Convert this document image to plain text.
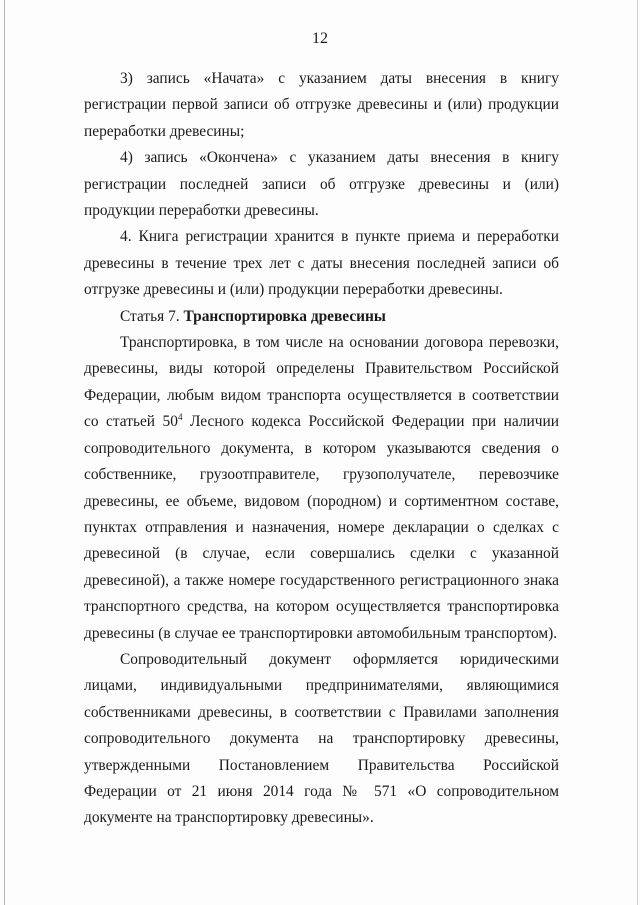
12

3) запись «Начата» с указанием даты внесения в книгу регистрации первой записи об отгрузке древесины и (или) продукции переработки древесины;

4) запись «Окончена» с указанием даты внесения в книгу регистрации последней записи об отгрузке древесины и (или) продукции переработки древесины.

4. Книга регистрации хранится в пункте приема и переработки древесины в течение трех лет с даты внесения последней записи об отгрузке древесины и (или) продукции переработки древесины.

Статья 7. Транспортировка древесины

Транспортировка, в том числе на основании договора перевозки, древесины, виды которой определены Правительством Российской Федерации, любым видом транспорта осуществляется в соответствии со статьей $50^4$ Лесного кодекса Российской Федерации при наличии сопроводительного документа, в котором указываются сведения о собственнике, грузоотправителе, грузополучателе, перевозчике древесины, ее объеме, видовом (породном) и сортиментном составе, пунктах отправления и назначения, номере декларации о сделках с древесиной (в случае, если совершались сделки с указанной древесиной), а также номере государственного регистрационного знака транспортного средства, на котором осуществляется транспортировка древесины (в случае ее транспортировки автомобильным транспортом).

Сопроводительный документ оформляется юридическими лицами, индивидуальными предпринимателями, являющимися собственниками древесины, в соответствии с Правилами заполнения сопроводительного документа на транспортировку древесины, утвержденными Постановлением Правительства Российской Федерации от 21 июня 2014 года № 571 «О сопроводительном документе на транспортировку древесины».
